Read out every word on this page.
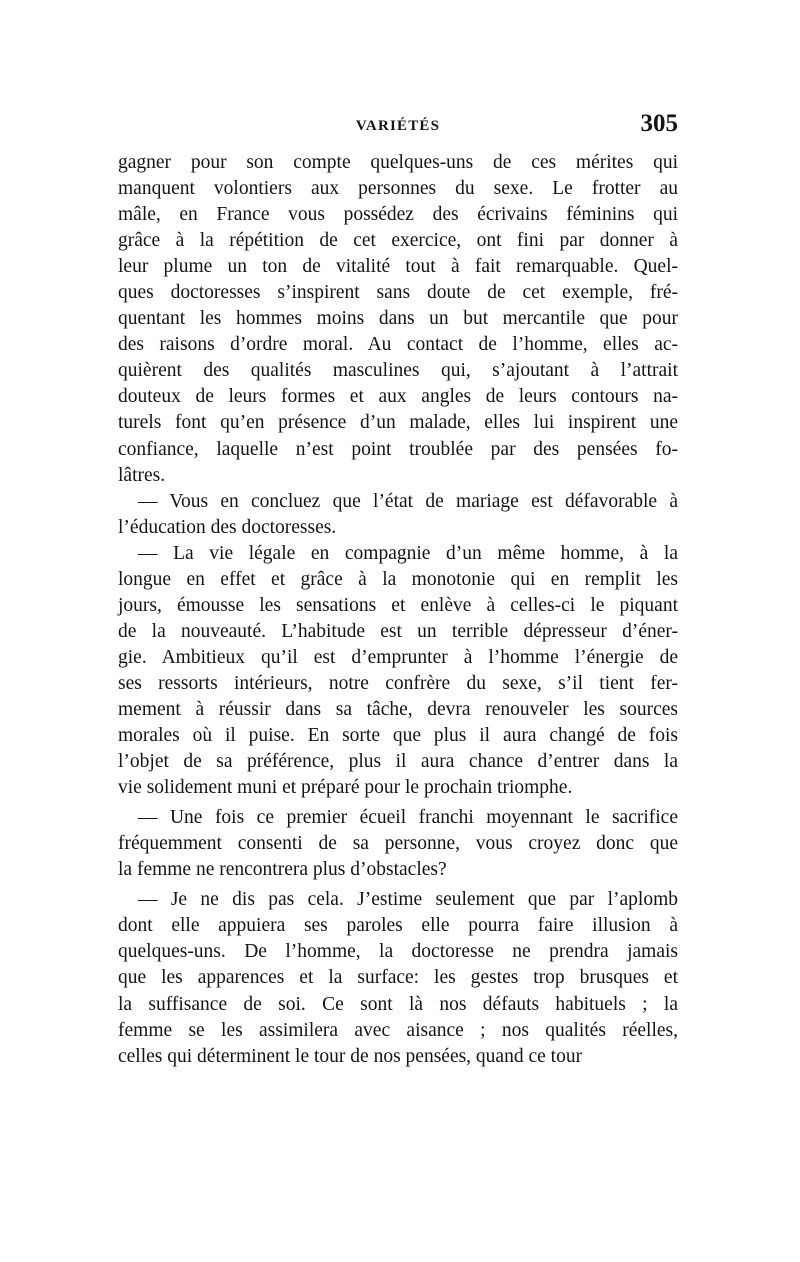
VARIÉTÉS	305
gagner pour son compte quelques-uns de ces mérites qui
manquent volontiers aux personnes du sexe. Le frotter au
mâle, en France vous possédez des écrivains féminins qui
grâce à la répétition de cet exercice, ont fini par donner à
leur plume un ton de vitalité tout à fait remarquable. Quel-
ques doctoresses s’inspirent sans doute de cet exemple, fré-
quentant les hommes moins dans un but mercantile que pour
des raisons d’ordre moral. Au contact de l’homme, elles ac-
quièrent des qualités masculines qui, s’ajoutant à l’attrait
douteux de leurs formes et aux angles de leurs contours na-
turels font qu’en présence d’un malade, elles lui inspirent une
confiance, laquelle n’est point troublée par des pensées fo-
lâtres.
— Vous en concluez que l’état de mariage est défavorable à
l’éducation des doctoresses.
— La vie légale en compagnie d’un même homme, à la
longue en effet et grâce à la monotonie qui en remplit les
jours, émousse les sensations et enlève à celles-ci le piquant
de la nouveauté. L’habitude est un terrible dépresseur d’éner-
gie. Ambitieux qu’il est d’emprunter à l’homme l’énergie de
ses ressorts intérieurs, notre confrère du sexe, s’il tient fer-
mement à réussir dans sa tâche, devra renouveler les sources
morales où il puise. En sorte que plus il aura changé de fois
l’objet de sa préférence, plus il aura chance d’entrer dans la
vie solidement muni et préparé pour le prochain triomphe.
— Une fois ce premier écueil franchi moyennant le sacrifice
fréquemment consenti de sa personne, vous croyez donc que
la femme ne rencontrera plus d’obstacles?
— Je ne dis pas cela. J’estime seulement que par l’aplomb
dont elle appuiera ses paroles elle pourra faire illusion à
quelques-uns. De l’homme, la doctoresse ne prendra jamais
que les apparences et la surface: les gestes trop brusques et
la suffisance de soi. Ce sont là nos défauts habituels ; la
femme se les assimilera avec aisance ; nos qualités réelles,
celles qui déterminent le tour de nos pensées, quand ce tour
